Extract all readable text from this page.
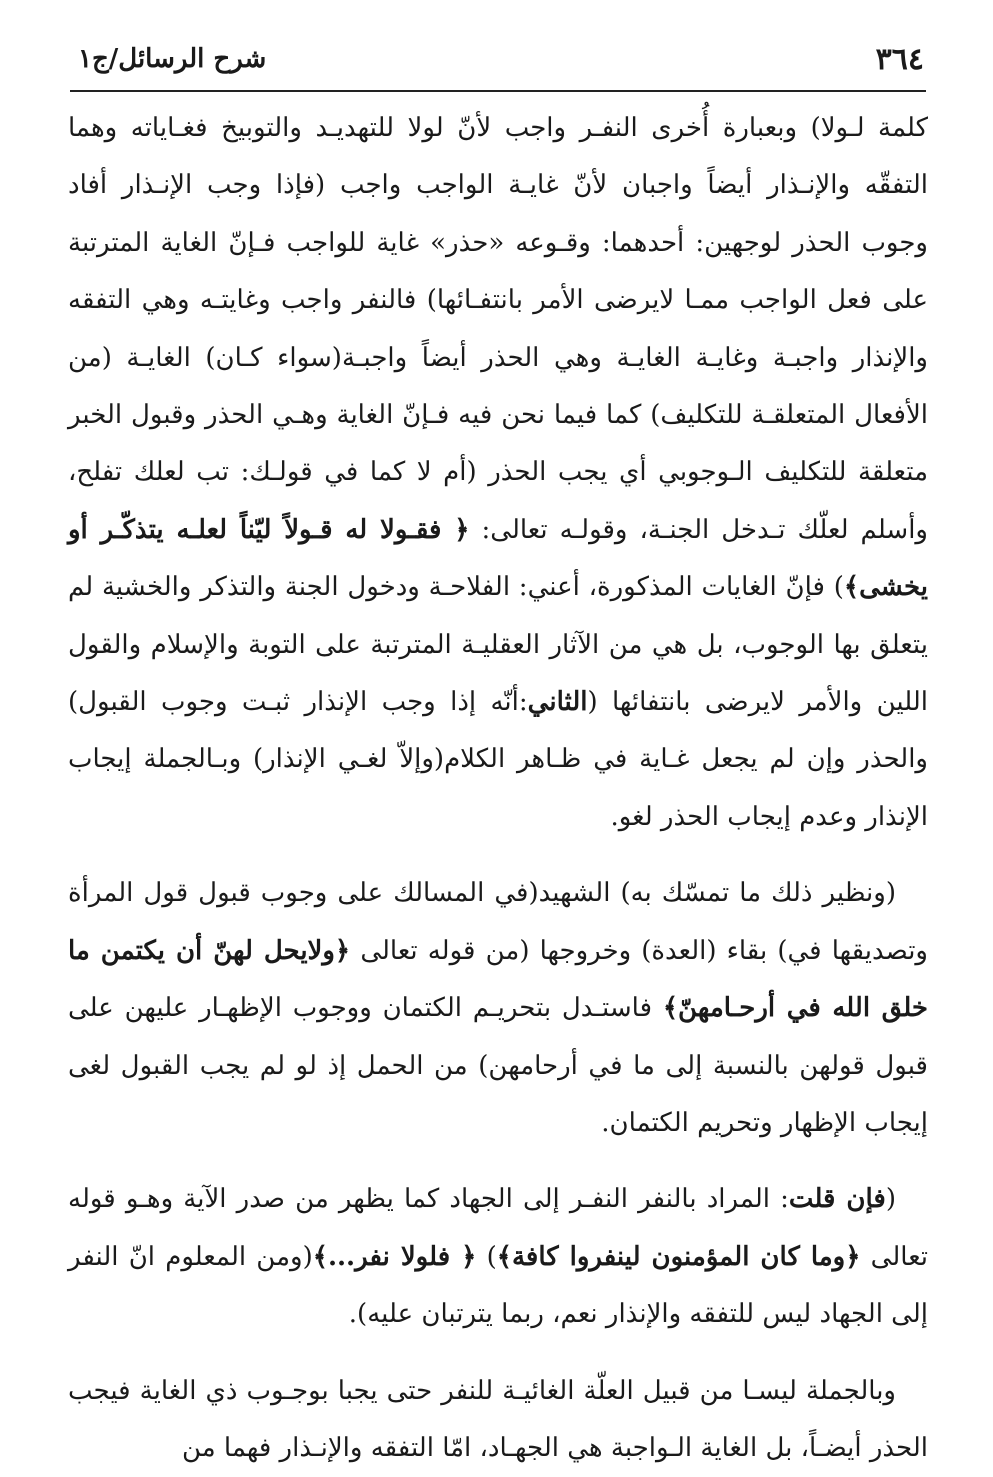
٣٦٤
شرح الرسائل/ج١

كلمة لـولا) وبعبارة أُخرى النفـر واجب لأنّ لولا للتهديـد والتوبيخ فغـاياته وهما التفقّه والإنـذار أيضاً واجبان لأنّ غايـة الواجب واجب (فإذا وجب الإنـذار أفاد وجوب الحذر لوجهين: أحدهما: وقـوعه «حذر» غاية للواجب فـإنّ الغاية المترتبة على فعل الواجب ممـا لايرضى الأمر بانتفـائها) فالنفر واجب وغايتـه وهي التفقه والإنذار واجبـة وغايـة الغايـة وهي الحذر أيضاً واجبـة(سواء كـان) الغايـة (من الأفعال المتعلقـة للتكليف) كما فيما نحن فيه فـإنّ الغاية وهـي الحذر وقبول الخبر متعلقة للتكليف الـوجوبي أي يجب الحذر (أم لا كما في قولـك: تب لعلك تفلح، وأسلم لعلّك تـدخل الجنـة، وقولـه تعالى: ﴿ فقـولا له قـولاً ليّناً لعلـه يتذكّـر أو يخشى﴾) فإنّ الغايات المذكورة، أعني: الفلاحـة ودخول الجنة والتذكر والخشية لم يتعلق بها الوجوب، بل هي من الآثار العقليـة المترتبة على التوبة والإسلام والقول اللين والأمر لايرضى بانتفائها (الثاني:أنّه إذا وجب الإنذار ثبـت وجوب القبول) والحذر وإن لم يجعل غـاية في ظـاهر الكلام(وإلاّ لغـي الإنذار) وبـالجملة إيجاب الإنذار وعدم إيجاب الحذر لغو.

(ونظير ذلك ما تمسّك به) الشهيد(في المسالك على وجوب قبول قول المرأة وتصديقها في) بقاء (العدة) وخروجها (من قوله تعالى ﴿ولايحل لهنّ أن يكتمن ما خلق الله في أرحـامهنّ﴾ فاستـدل بتحريـم الكتمان ووجوب الإظهـار عليهن على قبول قولهن بالنسبة إلى ما في أرحامهن) من الحمل إذ لو لم يجب القبول لغى إيجاب الإظهار وتحريم الكتمان.

(فإن قلت: المراد بالنفر النفـر إلى الجهاد كما يظهر من صدر الآية وهـو قوله تعالى ﴿وما كان المؤمنون لينفروا كافة﴾) ﴿ فلولا نفر...﴾(ومن المعلوم انّ النفر إلى الجهاد ليس للتفقه والإنذار نعم، ربما يترتبان عليه).

وبالجملة ليسـا من قبيل العلّة الغائيـة للنفر حتى يجبا بوجـوب ذي الغاية فيجب الحذر أيضـاً، بل الغاية الـواجبة هي الجهـاد، امّا التفقه والإنـذار فهما من
